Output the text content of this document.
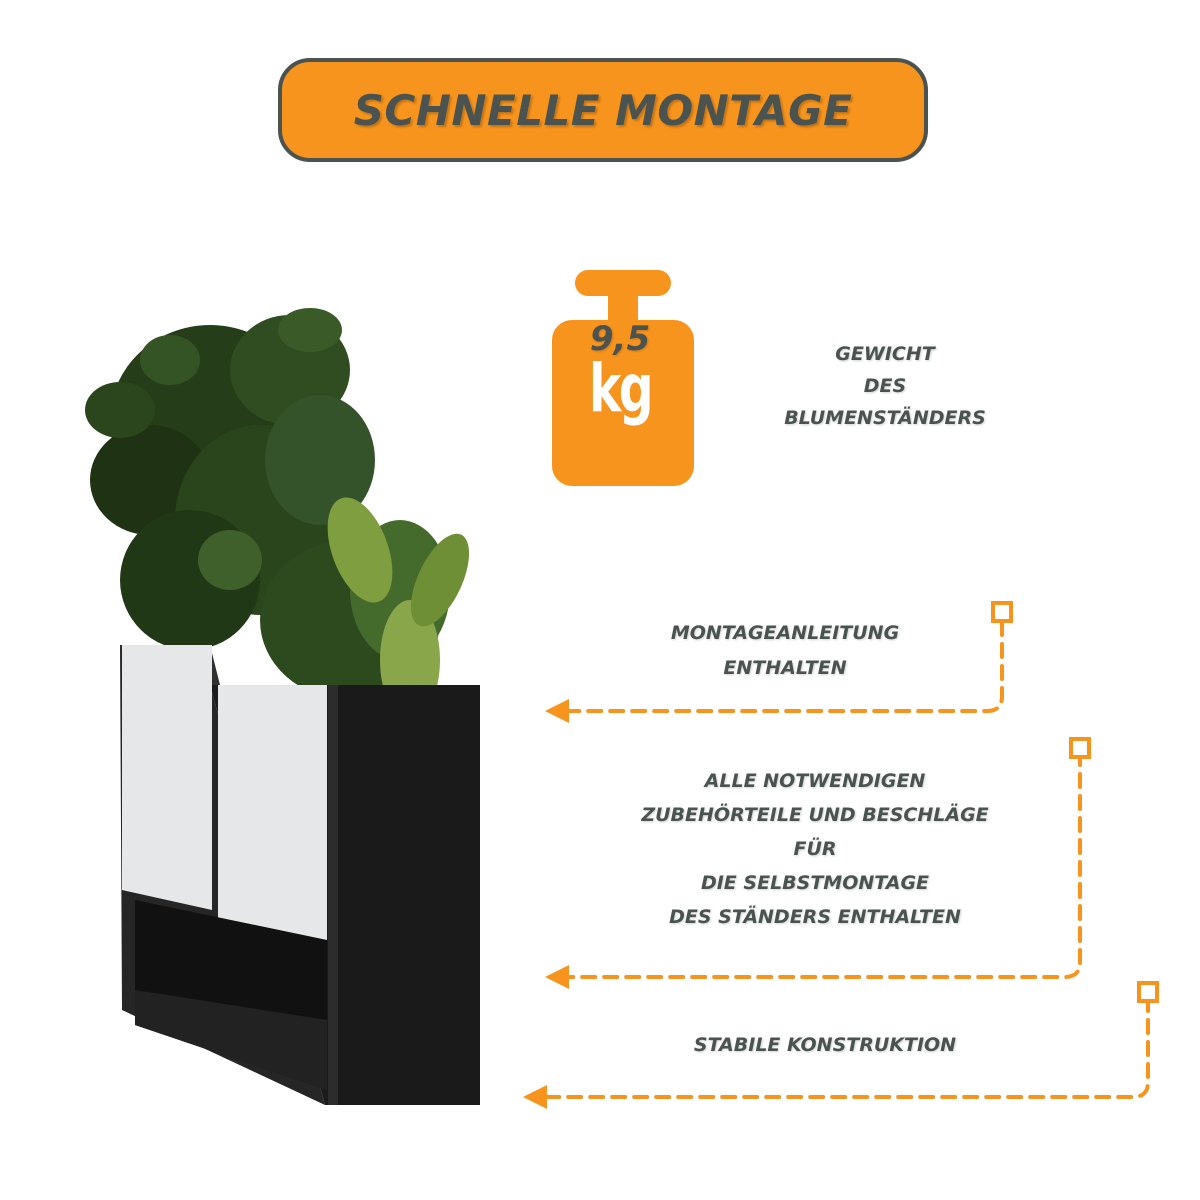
SCHNELLE MONTAGE
9,5
kg	GEWICHT
DES
BLUMENSTÄNDERS
MONTAGEANLEITUNG
ENTHALTEN
ALLE NOTWENDIGEN
ZUBEHÖRTEILE UND BESCHLÄGE
FÜR
DIE SELBSTMONTAGE
DES STÄNDERS ENTHALTEN
STABILE KONSTRUKTION
